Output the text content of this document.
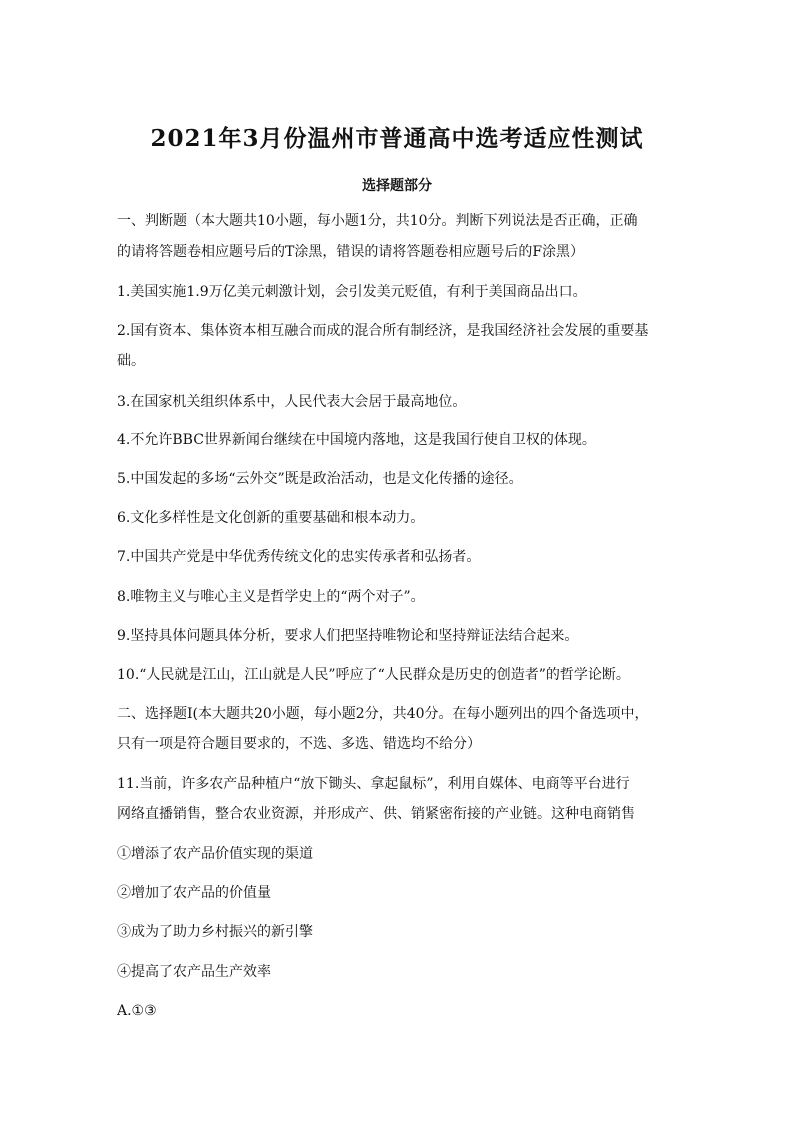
2021年3月份温州市普通高中选考适应性测试
选择题部分
一、判断题（本大题共10小题，每小题1分，共10分。判断下列说法是否正确，正确
的请将答题卷相应题号后的T涂黑，错误的请将答题卷相应题号后的F涂黑）
1.美国实施1.9万亿美元刺激计划，会引发美元贬值，有利于美国商品出口。
2.国有资本、集体资本相互融合而成的混合所有制经济，是我国经济社会发展的重要基
础。
3.在国家机关组织体系中，人民代表大会居于最高地位。
4.不允许BBC世界新闻台继续在中国境内落地，这是我国行使自卫权的体现。
5.中国发起的多场“云外交”既是政治活动，也是文化传播的途径。
6.文化多样性是文化创新的重要基础和根本动力。
7.中国共产党是中华优秀传统文化的忠实传承者和弘扬者。
8.唯物主义与唯心主义是哲学史上的“两个对子”。
9.坚持具体问题具体分析，要求人们把坚持唯物论和坚持辩证法结合起来。
10.“人民就是江山，江山就是人民”呼应了“人民群众是历史的创造者”的哲学论断。
二、选择题Ⅰ(本大题共20小题，每小题2分，共40分。在每小题列出的四个备选项中，
只有一项是符合题目要求的，不选、多选、错选均不给分）
11.当前，许多农产品种植户“放下锄头、拿起鼠标”，利用自媒体、电商等平台进行
网络直播销售，整合农业资源，并形成产、供、销紧密衔接的产业链。这种电商销售
①增添了农产品价值实现的渠道
②增加了农产品的价值量
③成为了助力乡村振兴的新引擎
④提高了农产品生产效率
A.①③
